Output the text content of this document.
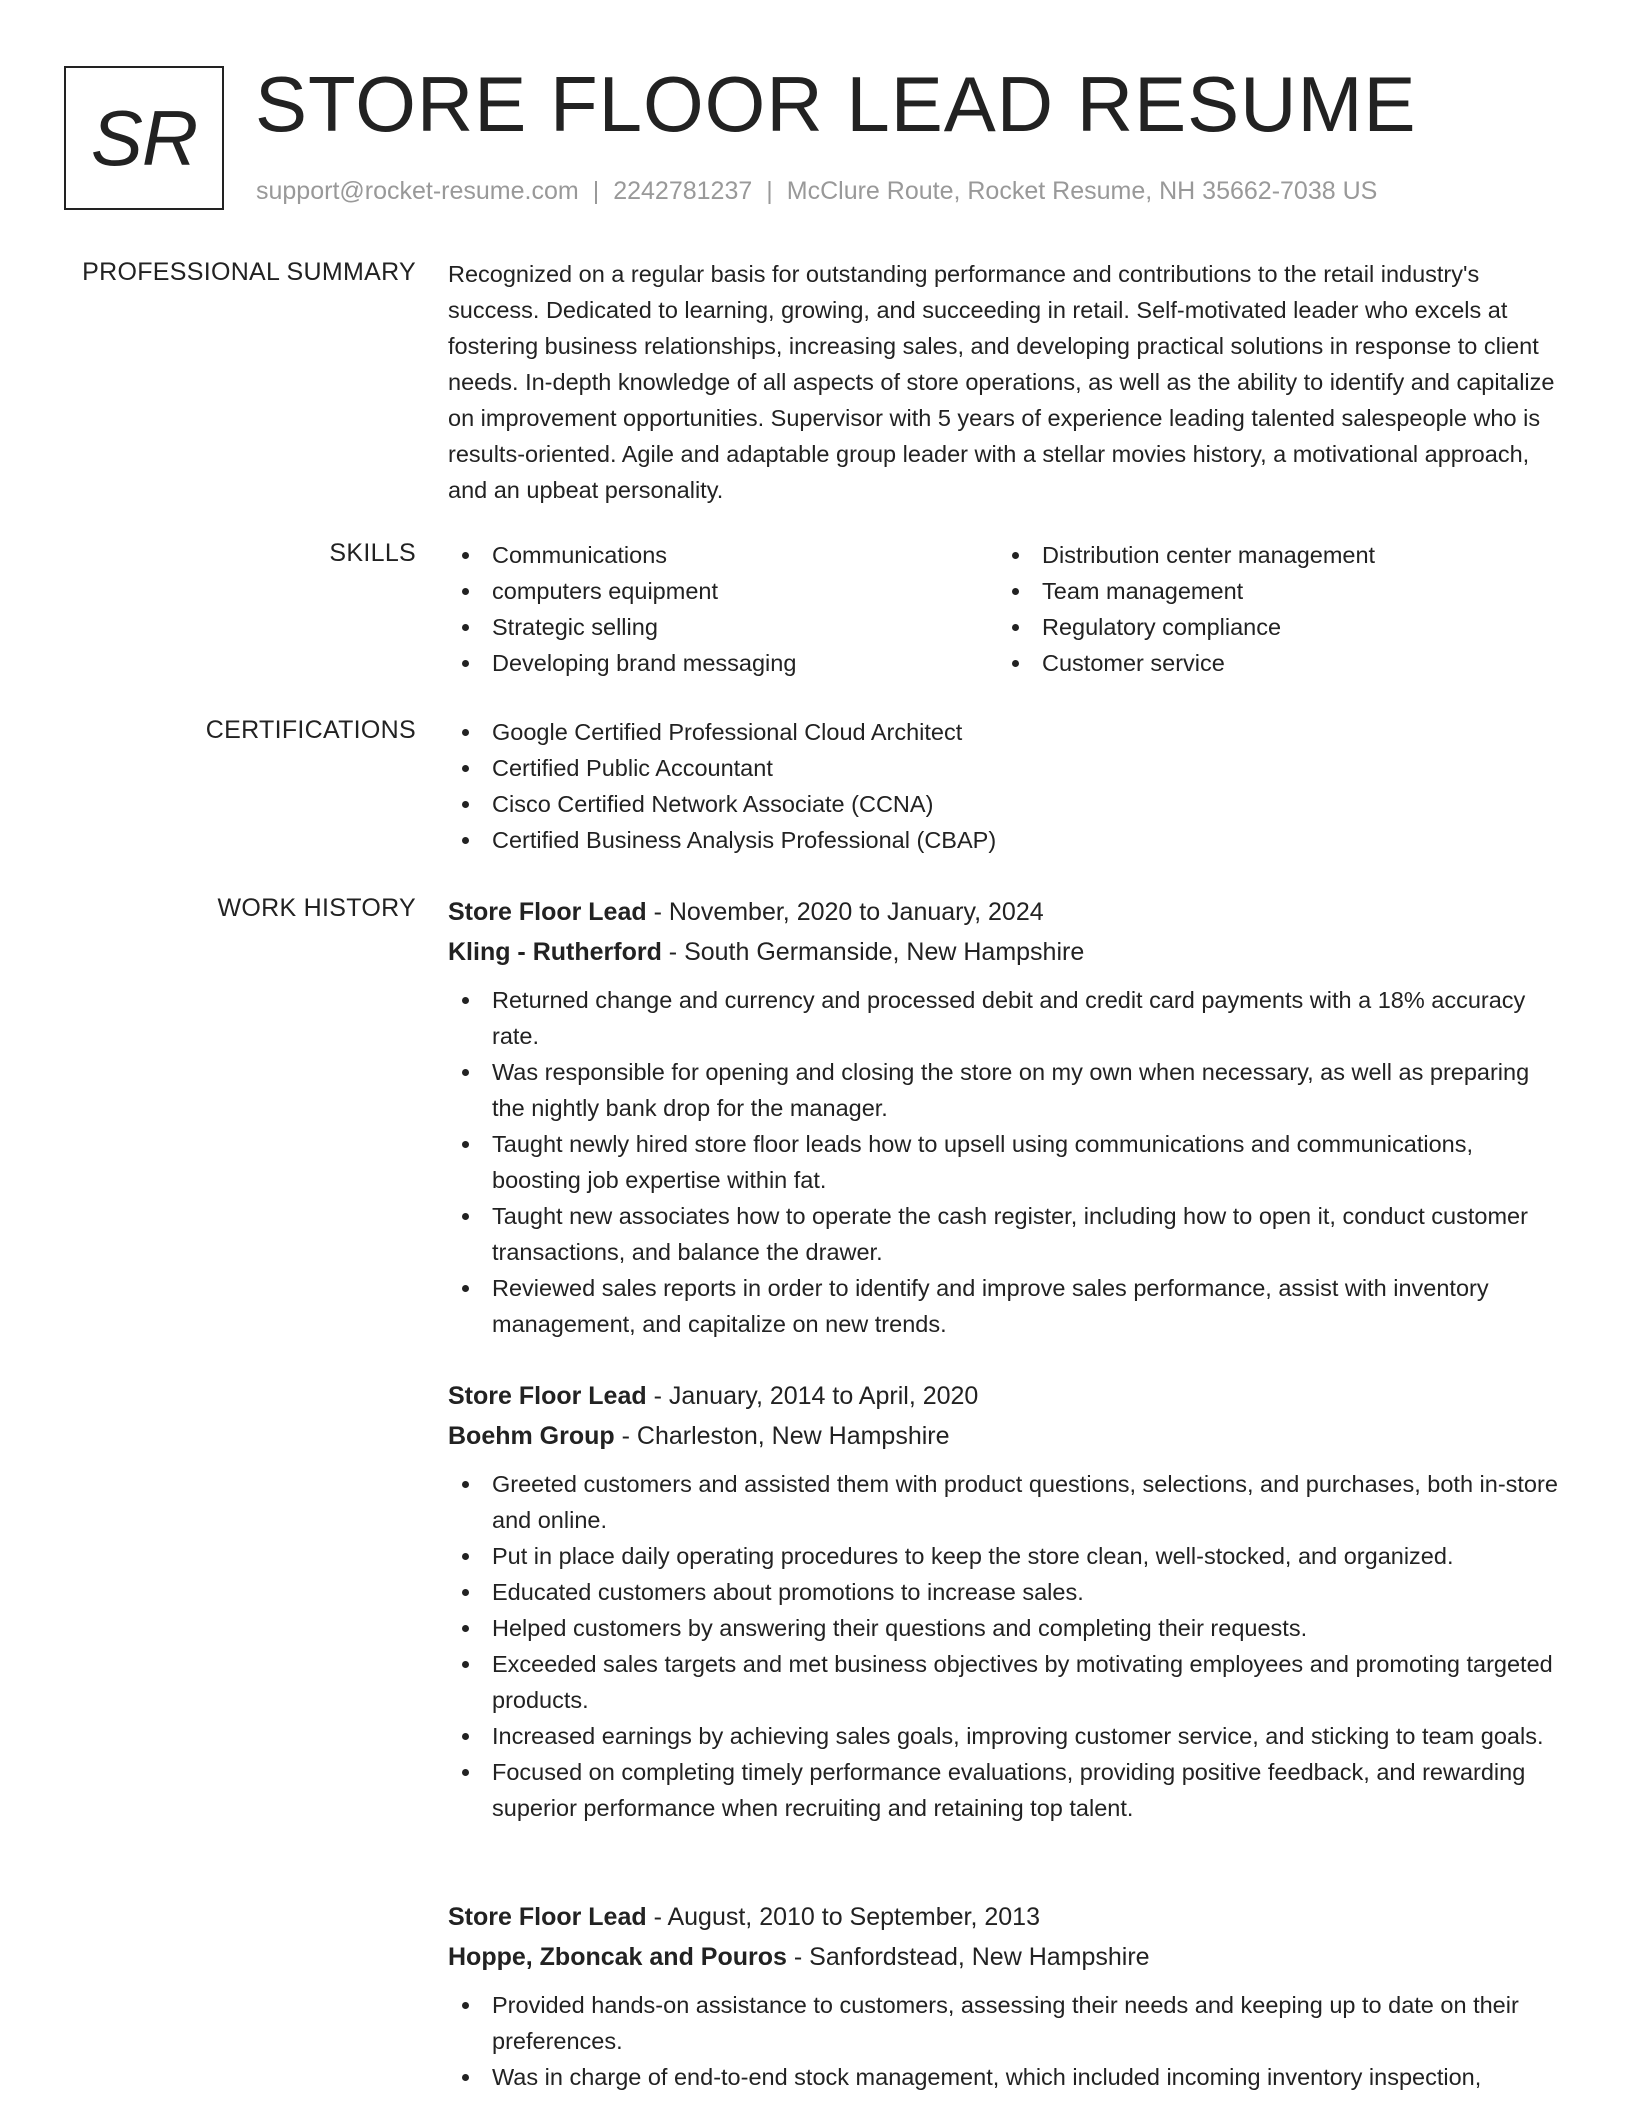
SR STORE FLOOR LEAD RESUME
support@rocket-resume.com | 2242781237 | McClure Route, Rocket Resume, NH 35662-7038 US
PROFESSIONAL SUMMARY Recognized on a regular basis for outstanding performance and contributions to the retail industry's success. Dedicated to learning, growing, and succeeding in retail. Self-motivated leader who excels at fostering business relationships, increasing sales, and developing practical solutions in response to client needs. In-depth knowledge of all aspects of store operations, as well as the ability to identify and capitalize on improvement opportunities. Supervisor with 5 years of experience leading talented salespeople who is results-oriented. Agile and adaptable group leader with a stellar movies history, a motivational approach, and an upbeat personality.
SKILLS	Communications
computers equipment
Strategic selling
Developing brand messaging
Distribution center management
Team management
Regulatory compliance
Customer service
CERTIFICATIONS	Google Certified Professional Cloud Architect
Certified Public Accountant
Cisco Certified Network Associate (CCNA)
Certified Business Analysis Professional (CBAP)
WORK HISTORY Store Floor Lead - November, 2020 to January, 2024
Kling - Rutherford - South Germanside, New Hampshire
Returned change and currency and processed debit and credit card payments with a 18% accuracy rate.
Was responsible for opening and closing the store on my own when necessary, as well as preparing the nightly bank drop for the manager.
Taught newly hired store floor leads how to upsell using communications and communications, boosting job expertise within fat.
Taught new associates how to operate the cash register, including how to open it, conduct customer transactions, and balance the drawer.
Reviewed sales reports in order to identify and improve sales performance, assist with inventory management, and capitalize on new trends.
Store Floor Lead - January, 2014 to April, 2020
Boehm Group - Charleston, New Hampshire
Greeted customers and assisted them with product questions, selections, and purchases, both in-store and online.
Put in place daily operating procedures to keep the store clean, well-stocked, and organized.
Educated customers about promotions to increase sales.
Helped customers by answering their questions and completing their requests.
Exceeded sales targets and met business objectives by motivating employees and promoting targeted products.
Increased earnings by achieving sales goals, improving customer service, and sticking to team goals.
Focused on completing timely performance evaluations, providing positive feedback, and rewarding superior performance when recruiting and retaining top talent.
Store Floor Lead - August, 2010 to September, 2013
Hoppe, Zboncak and Pouros - Sanfordstead, New Hampshire
Provided hands-on assistance to customers, assessing their needs and keeping up to date on their preferences.
Was in charge of end-to-end stock management, which included incoming inventory inspection,
